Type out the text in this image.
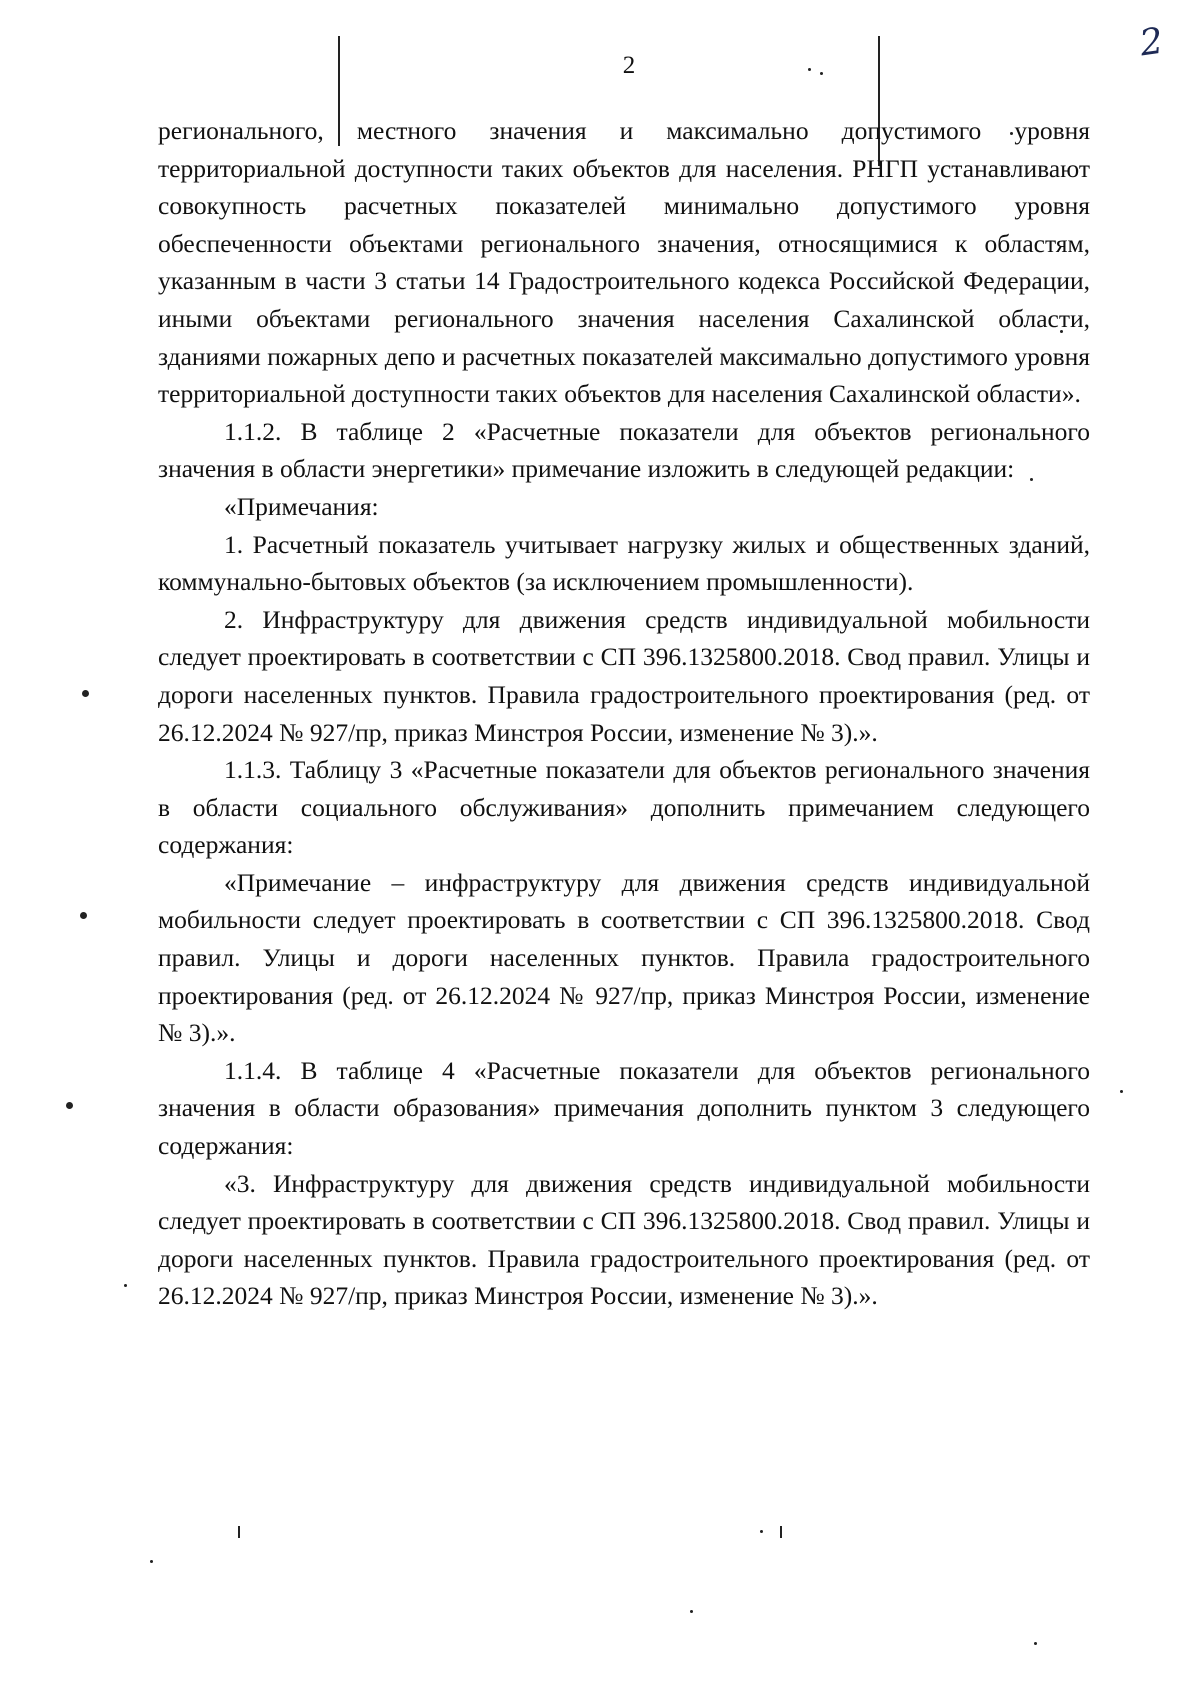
2
2

регионального, местного значения и максимально допустимого уровня территориальной доступности таких объектов для населения. РНГП устанавливают совокупность расчетных показателей минимально допустимого уровня обеспеченности объектами регионального значения, относящимися к областям, указанным в части 3 статьи 14 Градостроительного кодекса Российской Федерации, иными объектами регионального значения населения Сахалинской области, зданиями пожарных депо и расчетных показателей максимально допустимого уровня территориальной доступности таких объектов для населения Сахалинской области».

1.1.2. В таблице 2 «Расчетные показатели для объектов регионального значения в области энергетики» примечание изложить в следующей редакции:

«Примечания:

1. Расчетный показатель учитывает нагрузку жилых и общественных зданий, коммунально-бытовых объектов (за исключением промышленности).

2. Инфраструктуру для движения средств индивидуальной мобильности следует проектировать в соответствии с СП 396.1325800.2018. Свод правил. Улицы и дороги населенных пунктов. Правила градостроительного проектирования (ред. от 26.12.2024 № 927/пр, приказ Минстроя России, изменение № 3).».

1.1.3. Таблицу 3 «Расчетные показатели для объектов регионального значения в области социального обслуживания» дополнить примечанием следующего содержания:

«Примечание – инфраструктуру для движения средств индивидуальной мобильности следует проектировать в соответствии с СП 396.1325800.2018. Свод правил. Улицы и дороги населенных пунктов. Правила градостроительного проектирования (ред. от 26.12.2024 № 927/пр, приказ Минстроя России, изменение № 3).».

1.1.4. В таблице 4 «Расчетные показатели для объектов регионального значения в области образования» примечания дополнить пунктом 3 следующего содержания:

«3. Инфраструктуру для движения средств индивидуальной мобильности следует проектировать в соответствии с СП 396.1325800.2018. Свод правил. Улицы и дороги населенных пунктов. Правила градостроительного проектирования (ред. от 26.12.2024 № 927/пр, приказ Минстроя России, изменение № 3).».
